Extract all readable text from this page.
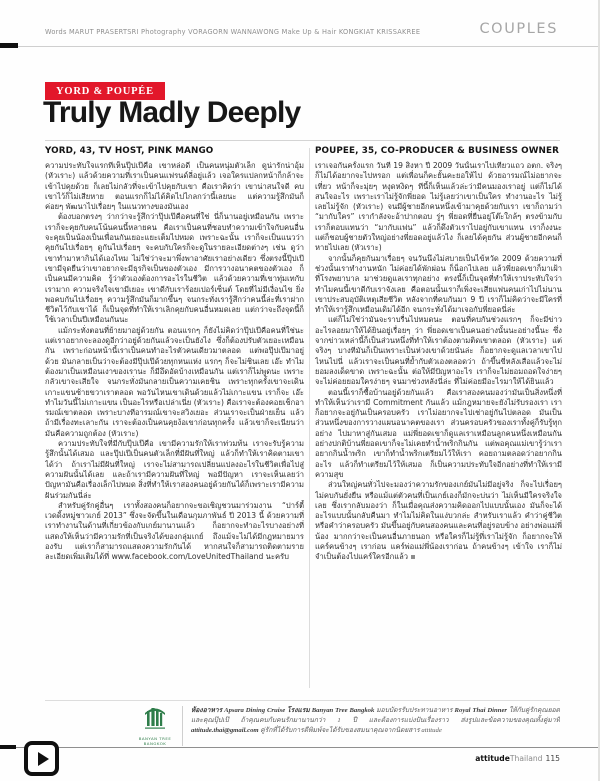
Words MARUT PRASERTSRI Photography VORAGORN WANNAWONG Make Up & Hair KONGKIAT KRISSAKREE	COUPLES
YORD & POUPÉE
Truly Madly Deeply
YORD, 43, TV HOST, PINK MANGO

ความประทับใจแรกที่เห็นปุ๊ปเป๊คือ เขาหล่อดี เป็นคนหนุ่มตัวเล็ก ดูน่ารักน่าอุ้ม (หัวเราะ) แล้วด้วยความที่เราเป็นคนแฟรนด์ลี่อยู่แล้ว เจอใครแปลกหน้าก็กล้าจะเข้าไปคุยด้วย ก็เลยไม่กลัวที่จะเข้าไปคุยกับเขา คือเราคิดว่า เขาน่าสนใจดี คบเขาไว้ก็ไม่เสียหาย ตอนแรกก็ไม่ได้คิดไปไกลกว่านี้เลยนะ แต่ความรู้สึกมันก็ค่อยๆ พัฒนาไปเรื่อยๆ ในแนวทางของมันเอง

ต้องบอกตรงๆ ว่ากว่าจะรู้สึกว่าปุ๊ปเป๊คือคนที่ใช่ นี่ก็นานอยู่เหมือนกัน เพราะเราก็จะคุยกับคนโน้นคนนี้หลายคน คือเราเป็นคนที่ชอบทำความเข้าใจกับคนอื่น จะคุยเป็นน้องเป็นเพื่อนกันเยอะแยะเต็มไปหมด เพราะฉะนั้น เราก็จะเป็นแนวว่าคุยกันไปเรื่อยๆ ดูกันไปเรื่อยๆ จะคบกับใครก็จะดูในรายละเอียดต่างๆ เช่น ดูว่าเขาทำมาหากินได้เองไหม ไม่ใช่ว่าจะมาพึ่งพาอาศัยเราอย่างเดียว ซึ่งตรงนี้ปุ๊ปเป๊เขามีจุดยืนว่าเขาอยากจะมีธุรกิจเป็นของตัวเอง มีการวางอนาคตของตัวเอง ก็เป็นคนมีความคิด รู้ว่าตัวเองต้องการอะไรในชีวิต แล้วด้วยความที่เขาทุ่มเทกับเรามาก ความจริงใจเขามีเยอะ เขาดีกับเราร้อยเปอร์เซ็นต์ โดยที่ไม่มีเงื่อนไข ยิ่งพอคบกันไปเรื่อยๆ ความรู้สึกมันก็มากขึ้นๆ จนกระทั่งเรารู้สึกว่าคนนี้ล่ะที่เราฝากชีวิตไว้กับเขาได้ ก็เป็นจุดที่ทำให้เราเลิกคุยกับคนอื่นหมดเลย แต่กว่าจะถึงจุดนี้ก็ใช้เวลาเป็นปีเหมือนกันนะ

แม้กระทั่งตอนที่ย้ายมาอยู่ด้วยกัน ตอนแรกๆ ก็ยังไม่คิดว่าปุ๊ปเป๊คือคนที่ใช่นะ แต่เราอยากจะลองดูอีกว่าอยู่ด้วยกันแล้วจะเป็นยังไง ซึ่งก็ต้องปรับตัวเยอะเหมือนกัน เพราะก่อนหน้านี้เราเป็นคนทำอะไรตัวคนเดียวมาตลอด แต่พอปุ๊ปเป๊มาอยู่ด้วย มันกลายเป็นว่าจะต้องมีปุ๊ปเป๊ด้วยทุกหนแห่ง แรกๆ ก็จะไม่ชินเลย เอ๊ะ ทำไมต้องมาเป็นเหมือนเงาของเรานะ ก็มีอึดอัดบ้างเหมือนกัน แต่เราก็ไม่พูดนะ เพราะกลัวเขาจะเสียใจ จนกระทั่งมันกลายเป็นความเคยชิน เพราะทุกครั้งเขาจะเดินเกาะแขนซ้ายขวาเราตลอด พอวันไหนเขาเดินด้วยแล้วไม่เกาะแขน เราก็จะ เอ๊ะ ทำไมวันนี้ไม่เกาะแขน เป็นอะไรหรือเปล่าเนี่ย (หัวเราะ) คือเราจะต้องคอยเช็กอารมณ์เขาตลอด เพราะบางทีอารมณ์เขาจะสวิงเยอะ ส่วนเราจะเป็นฝ่ายเย็น แล้วถ้ามีเรื่องทะเลาะกัน เราจะต้องเป็นคนคุยง้อเขาก่อนทุกครั้ง แล้วเขาก็จะเนียนว่ามันคือความถูกต้อง (หัวเราะ)

ความประทับใจที่มีกับปุ๊ปเป๊คือ เขามีความรักให้เราท่วมท้น เราจะรับรู้ความรู้สึกนั้นได้เสมอ และปุ๊ปเป๊เป็นคนตัวเล็กที่มีฝันที่ใหญ่ แล้วก็ทำให้เราคิดตามเขาได้ว่า ถ้าเราไม่มีฝันที่ใหญ่ เราจะไม่สามารถเปลี่ยนแปลงอะไรในชีวิตเพื่อไปสู่ความฝันนั้นได้เลย และถ้าเรามีความฝันที่ใหญ่ พอมีปัญหา เราจะเห็นเลยว่าปัญหามันคือเรื่องเล็กไปหมด สิ่งที่ทำให้เราสองคนอยู่ด้วยกันได้ก็เพราะเรามีความฝันร่วมกันนี่ล่ะ

สำหรับคู่รักคู่อื่นๆ เราทั้งสองคนก็อยากจะขอเชิญชวนมาร่วมงาน “ปาร์ตี้เวดดิ้งหมู่ชาวเกย์ 2013” ซึ่งจะจัดขึ้นในเดือนกุมภาพันธ์ ปี 2013 นี้ ด้วยความที่เราทำงานในด้านที่เกี่ยวข้องกับเกย์มานานแล้ว ก็อยากจะทำอะไรบางอย่างที่แสดงให้เห็นว่ามีความรักที่เป็นจริงได้ของกลุ่มเกย์ ถึงแม้จะไม่ได้มีกฎหมายมารองรับ แต่เราก็สามารถแสดงความรักกันได้ หากสนใจก็สามารถติดตามรายละเอียดเพิ่มเติมได้ที่ www.facebook.com/LoveUnitedThailand นะครับ

POUPÉE, 35, CO-PRODUCER & BUSINESS OWNER

เราเจอกันครั้งแรก วันที่ 19 สิงหา ปี 2009 วันนั้นเราไปเที่ยวแถว อตก. จริงๆ ก็ไม่ได้อยากจะไปหรอก แต่เพื่อนก็คะยั้นคะยอให้ไป ด้วยอารมณ์ไม่อยากจะเที่ยว หน้าก็จะมุ่ยๆ หงุดหงิดๆ ทีนี้ก็เห็นแล้วล่ะว่ามีคนมองเราอยู่ แต่ก็ไม่ได้สนใจอะไร เพราะเราไม่รู้จักพี่ยอด ไม่รู้เลยว่าเขาเป็นใคร ทำงานอะไร ไม่รู้เลยไม่รู้จัก (หัวเราะ) จนมีผู้ชายอีกคนหนึ่งเข้ามาคุยด้วยกับเรา เขาก็ถามว่า “มากับใคร” เรากำลังจะอ้าปากตอบ รู่ๆ พี่ยอดที่ยืนอยู่โต๊ะใกล้ๆ ตรงข้ามกับเราก็ตอบแทนว่า “มากับแฟน” แล้วก็ดึงตัวเราไปอยู่กับเขาแทน เราก็งงนะ แต่ก็ชอบผู้ชายตัวใหญ่อย่างพี่ยอดอยู่แล้วไง ก็เลยได้คุยกัน ส่วนผู้ชายอีกคนก็หายไปเลย (หัวเราะ)

จากนั้นก็คุยกันมาเรื่อยๆ จนวันนึงไม่สบายเป็นไข้หวัด 2009 ด้วยความที่ช่วงนั้นเราทำงานหนัก ไม่ค่อยได้พักผ่อน ก็น็อกไปเลย แล้วพี่ยอดเขาก็มาเฝ้าที่โรงพยาบาล มาช่วยดูแลเราทุกอย่าง ตรงนี้ก็เป็นจุดที่ทำให้เราประทับใจว่า ทำไมคนนี้เขาดีกับเราจังเลย คือตอนนั้นเราก็เพิ่งจะเสียแฟนคนเก่าไปไม่นาน เขาประสบอุบัติเหตุเสียชีวิต หลังจากที่คบกันมา 9 ปี เราก็ไม่คิดว่าจะมีใครที่ทำให้เรารู้สึกเหมือนเดิมได้อีก จนกระทั่งได้มาเจอกับพี่ยอดนี่ล่ะ

แต่ก็ไม่ใช่ว่ามันจะราบรื่นไปหมดนะ ตอนที่คบกันช่วงแรกๆ ก็จะมีข่าวอะไรลอยมาให้ได้ยินอยู่เรื่อยๆ ว่า พี่ยอดเขาเป็นคนอย่างนั้นนะอย่างนี้นะ ซึ่งจากข่าวเหล่านี้ก็เป็นส่วนหนึ่งที่ทำให้เราต้องตามติดเขาตลอด (หัวเราะ) แต่จริงๆ บางทีมันก็เป็นเพราะเป็นห่วงเขาด้วยนั่นล่ะ ก็อยากจะดูแลเวลาเขาไปไหนไปนี่ แล้วเราจะเป็นคนที่ย้ำกับตัวเองตลอดว่า ถ้าขึ้นขี่หลังเสือแล้วจะไม่ยอมลงเด็ดขาด เพราะฉะนั้น ต่อให้มีปัญหาอะไร เราก็จะไม่ยอมถอดใจง่ายๆ จะไม่ค่อยยอมใครง่ายๆ จนมาช่วงหลังนี่ล่ะ ที่ไม่ค่อยมีอะไรมาให้ได้ยินแล้ว

ตอนนี้เราก็ซื้อบ้านอยู่ด้วยกันแล้ว คือเราสองคนมองว่ามันเป็นสิ่งหนึ่งที่ทำให้เห็นว่าเรามี Commitment กันแล้ว แม้กฎหมายจะยังไม่รับรองเรา เราก็อยากจะอยู่กันเป็นครอบครัว เราไม่อยากจะไปเช่าอยู่กันไปตลอด มันเป็นส่วนหนึ่งของการวางแผนอนาคตของเรา ส่วนครอบครัวของเราทั้งคู่ก็รับรู้ทุกอย่าง ไปมาหาสู่กันเสมอ แม่พี่ยอดเขาก็ดูแลเราเหมือนลูกคนหนึ่งเหมือนกัน อย่างปกติบ้านพี่ยอดเขาก็จะไม่เคยทำน้ำพริกกินกัน แต่พอคุณแม่เขารู้ว่าเราอยากกินน้ำพริก เขาก็ทำน้ำพริกเตรียมไว้ให้เรา คอยถามตลอดว่าอยากกินอะไร แล้วก็ทำเตรียมไว้ให้เสมอ ก็เป็นความประทับใจอีกอย่างที่ทำให้เรามีความสุข

ส่วนใหญ่คนทั่วไปจะมองว่าความรักของเกย์มันไม่มีอยู่จริง ก็จะไปเรื่อยๆ ไม่คบกันยั่งยืน หรือแม้แต่ตัวคนที่เป็นเกย์เองก็มักจะบ่นว่า ไม่เห็นมีใครจริงใจเลย ซึ่งเรากลับมองว่า ก็ในเมื่อคุณส่งความคิดออกไปแบบนั้นเอง มันก็จะได้อะไรแบบนั้นกลับคืนมา ทำไมไม่คิดในแง่บวกล่ะ สำหรับเราแล้ว คำว่าคู่ชีวิต หรือคำว่าครอบครัว มันขึ้นอยู่กับคนสองคนและคนที่อยู่รอบข้าง อย่างพ่อแม่พี่น้อง มากกว่าจะเป็นคนอื่นภายนอก หรือใครก็ไม่รู้ที่เราไม่รู้จัก ก็อยากจะให้แคร์คนข้างๆ เราก่อน แคร์พ่อแม่พี่น้องเราก่อน ถ้าคนข้างๆ เข้าใจ เราก็ไม่จำเป็นต้องไปแคร์ใครอีกแล้ว

BANYAN TREE
BANGKOK
ห้องอาหาร Apsara Dining Cruise โรงแรม Banyan Tree Bangkok มอบบัตรรับประทานอาหาร Royal Thai Dinner ให้กับคู่รักคุณยอดและคุณปุ๊ปเป๊ ถ้าคุณคบกับคนรักมานานกว่า 1 ปี และต้องการแบ่งปันเรื่องราว ส่งรูปและข้อความของคุณทั้งคู่มาที่ attitude.thai@gmail.com คู่รักที่ได้รับการตีพิมพ์จะได้รับของสมนาคุณจากนิตยสาร attitude
attitudeThailand 115
